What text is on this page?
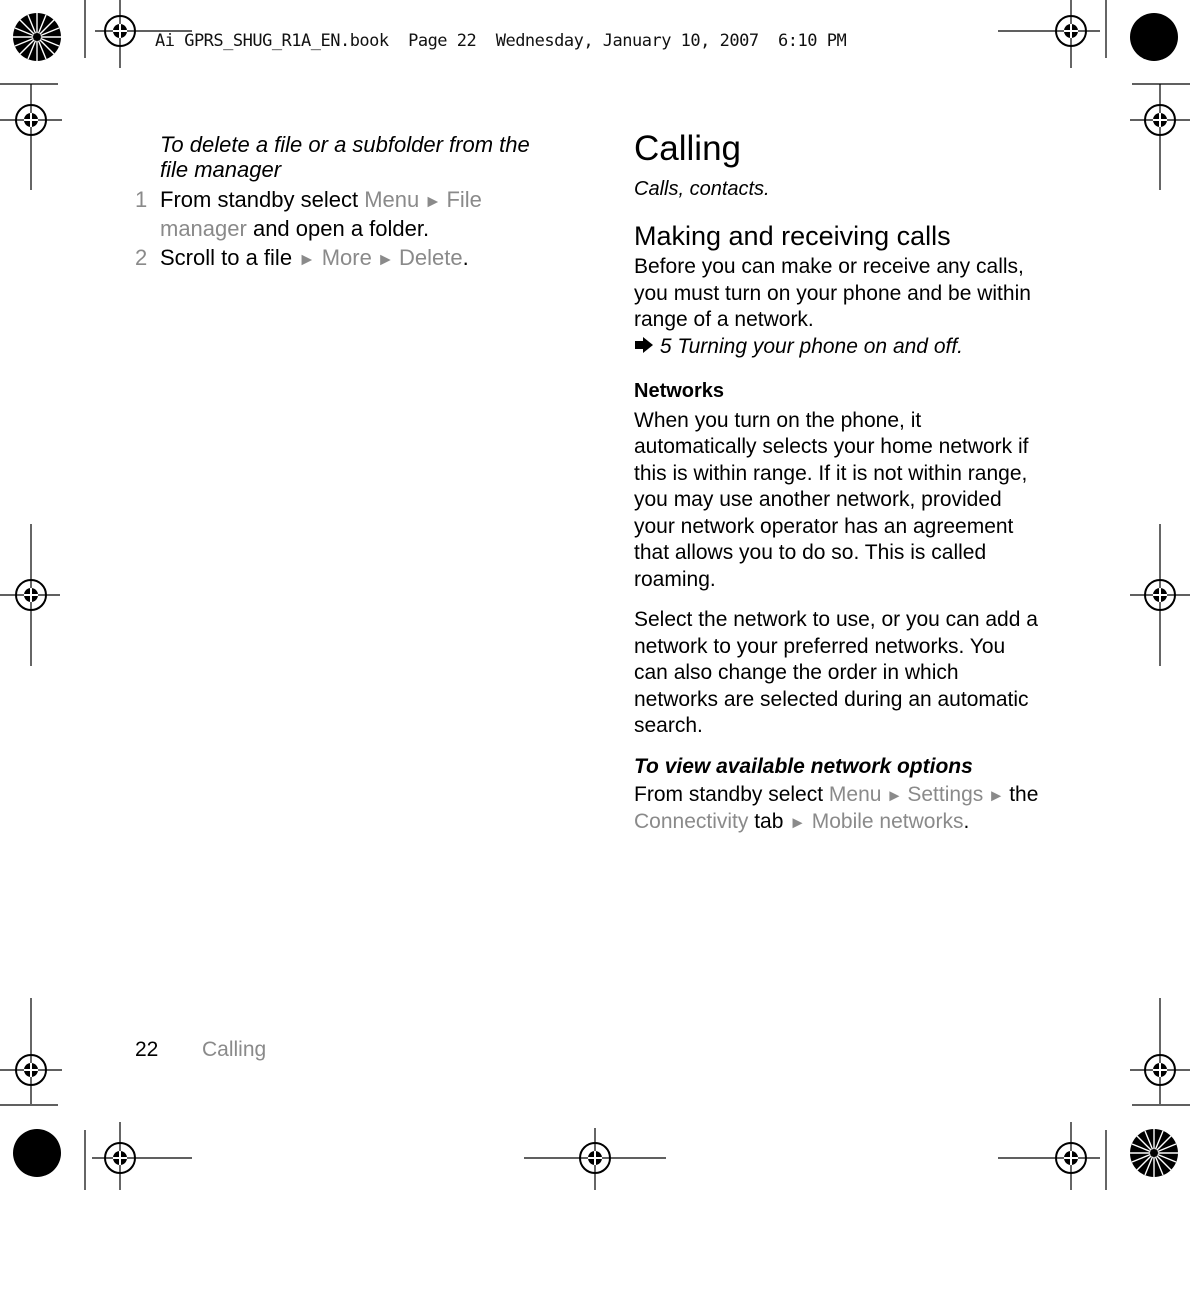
Ai GPRS_SHUG_R1A_EN.book  Page 22  Wednesday, January 10, 2007  6:10 PM

To delete a file or a subfolder from the file manager

1 From standby select Menu ► File manager and open a folder.

2 Scroll to a file ► More ► Delete.

Calling

Calls, contacts.

Making and receiving calls

Before you can make or receive any calls, you must turn on your phone and be within range of a network.

5 Turning your phone on and off.

Networks

When you turn on the phone, it automatically selects your home network if this is within range. If it is not within range, you may use another network, provided your network operator has an agreement that allows you to do so. This is called roaming.

Select the network to use, or you can add a network to your preferred networks. You can also change the order in which networks are selected during an automatic search.

To view available network options

From standby select Menu ► Settings ► the Connectivity tab ► Mobile networks.

22 Calling
